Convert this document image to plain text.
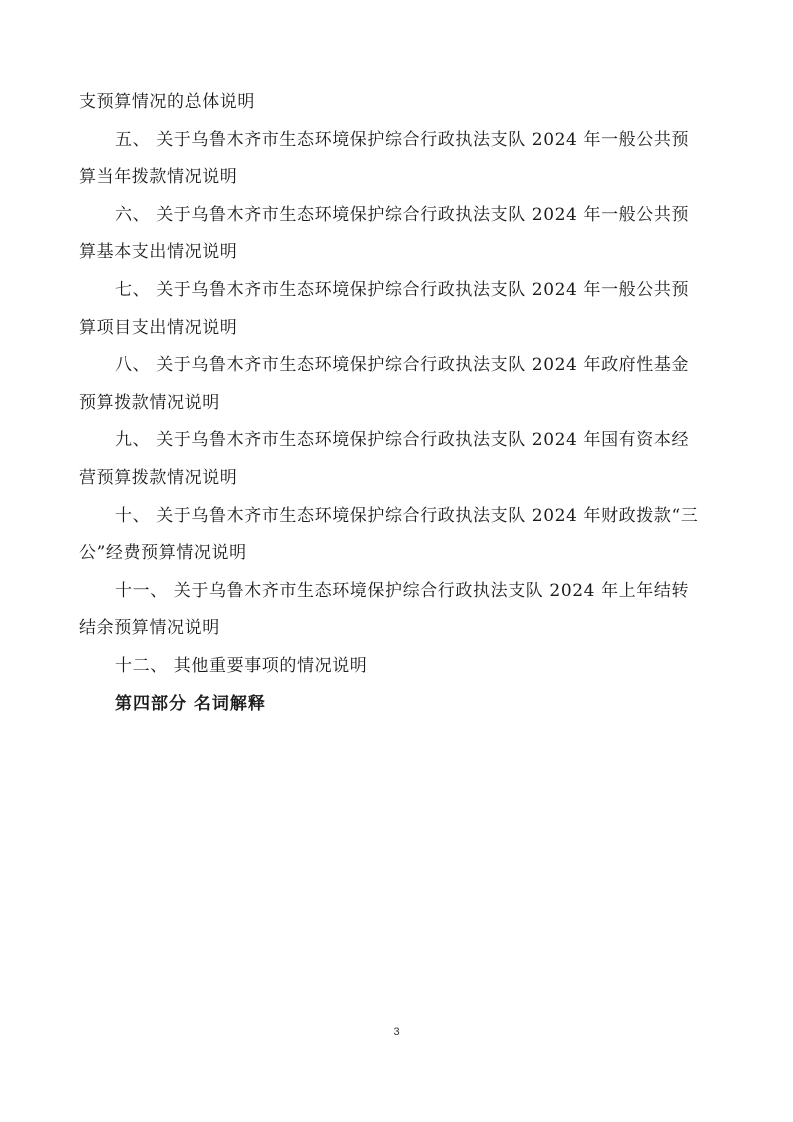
支预算情况的总体说明
五、 关于乌鲁木齐市生态环境保护综合行政执法支队 2024 年一般公共预
算当年拨款情况说明
六、 关于乌鲁木齐市生态环境保护综合行政执法支队 2024 年一般公共预
算基本支出情况说明
七、 关于乌鲁木齐市生态环境保护综合行政执法支队 2024 年一般公共预
算项目支出情况说明
八、 关于乌鲁木齐市生态环境保护综合行政执法支队 2024 年政府性基金
预算拨款情况说明
九、 关于乌鲁木齐市生态环境保护综合行政执法支队 2024 年国有资本经
营预算拨款情况说明
十、 关于乌鲁木齐市生态环境保护综合行政执法支队 2024 年财政拨款“三
公”经费预算情况说明
十一、 关于乌鲁木齐市生态环境保护综合行政执法支队 2024 年上年结转
结余预算情况说明
十二、 其他重要事项的情况说明
第四部分 名词解释
3
